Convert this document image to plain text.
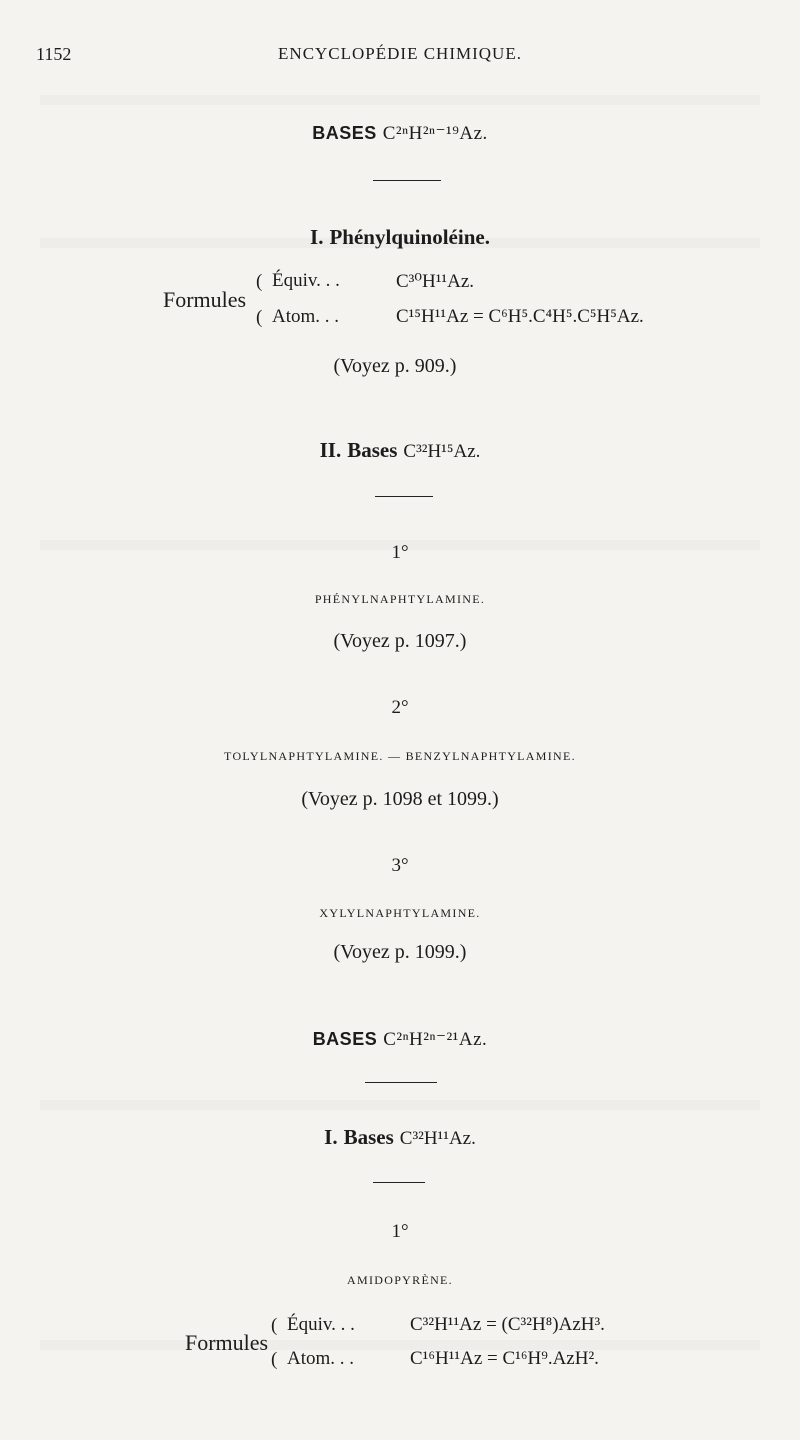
1152	ENCYCLOPÉDIE CHIMIQUE.
BASES C²ⁿH²ⁿ⁻¹⁹Az.
I. Phénylquinoléine.
Formules
(
(
Équiv. . .	C³⁰H¹¹Az.
Atom. . .	C¹⁵H¹¹Az = C⁶H⁵.C⁴H⁵.C⁵H⁵Az.
(Voyez p. 909.)
II. Bases C³²H¹⁵Az.
1°
PHÉNYLNAPHTYLAMINE.
(Voyez p. 1097.)
2°
TOLYLNAPHTYLAMINE. — BENZYLNAPHTYLAMINE.
(Voyez p. 1098 et 1099.)
3°
XYLYLNAPHTYLAMINE.
(Voyez p. 1099.)
BASES C²ⁿH²ⁿ⁻²¹Az.
I. Bases C³²H¹¹Az.
1°
AMIDOPYRÈNE.
Formules
(
(
Équiv. . .	C³²H¹¹Az = (C³²H⁸)AzH³.
Atom. . .	C¹⁶H¹¹Az = C¹⁶H⁹.AzH².
